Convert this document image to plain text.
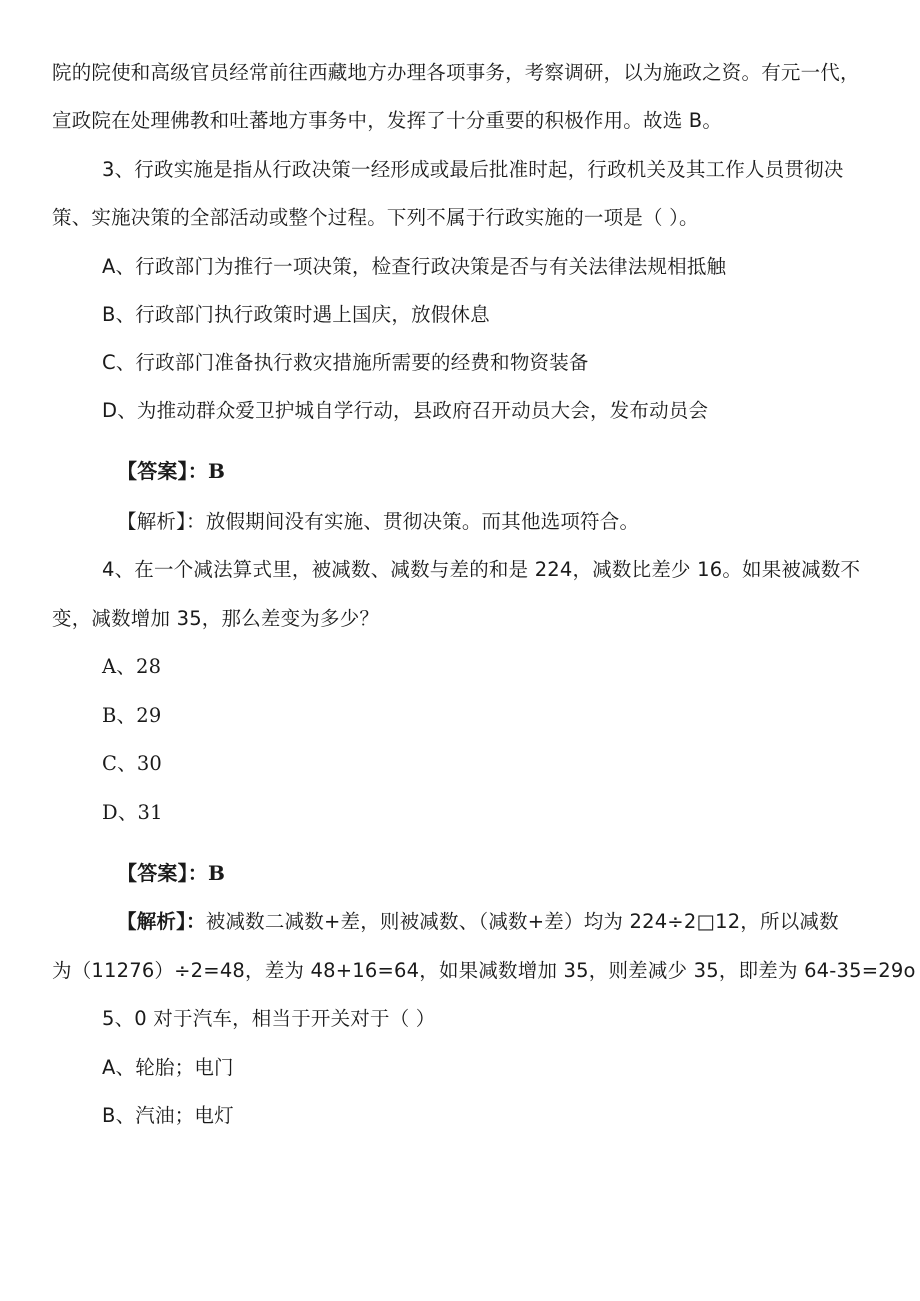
院的院使和高级官员经常前往西藏地方办理各项事务，考察调研，以为施政之资。有元一代，
宣政院在处理佛教和吐蕃地方事务中，发挥了十分重要的积极作用。故选 B。
3、行政实施是指从行政决策一经形成或最后批准时起，行政机关及其工作人员贯彻决
策、实施决策的全部活动或整个过程。下列不属于行政实施的一项是（ ）。
A、行政部门为推行一项决策，检查行政决策是否与有关法律法规相抵触
B、行政部门执行政策时遇上国庆，放假休息
C、行政部门准备执行救灾措施所需要的经费和物资装备
D、为推动群众爱卫护城自学行动，县政府召开动员大会，发布动员会
【答案】：B
【解析】：放假期间没有实施、贯彻决策。而其他选项符合。
4、在一个减法算式里，被减数、减数与差的和是 224，减数比差少 16。如果被减数不
变，减数增加 35，那么差变为多少？
A、28
B、29
C、30
D、31
【答案】：B
【解析】：被减数二减数+差，则被减数、（减数+差）均为 224÷2□12，所以减数
为（11276）÷2=48，差为 48+16=64，如果减数增加 35，则差减少 35，即差为 64-35=29o
5、0 对于汽车，相当于开关对于（ ）
A、轮胎；电门
B、汽油；电灯
